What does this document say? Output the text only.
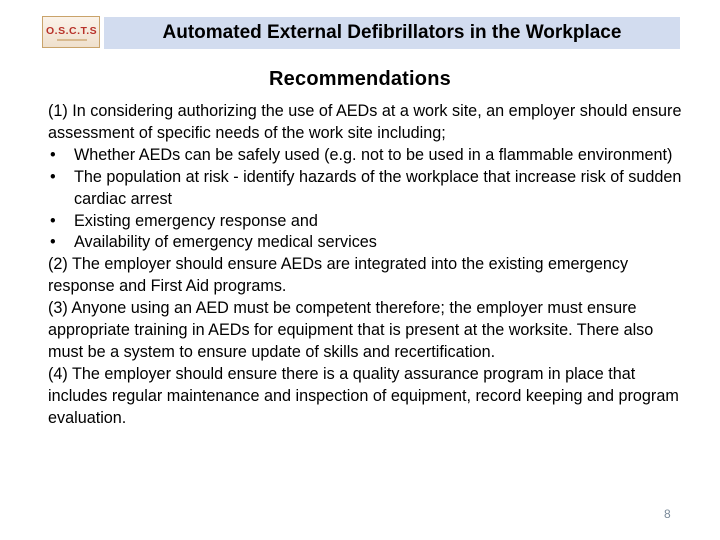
O.S.C.T.S	Automated External Defibrillators in the Workplace
Recommendations

(1) In considering authorizing the use of AEDs at a work site, an employer should ensure assessment of specific needs of the work site including;

•	Whether AEDs can be safely used (e.g. not to be used in a flammable environment)
•	The population at risk - identify hazards of the workplace that increase risk of sudden cardiac arrest
•	Existing emergency response and
•	Availability of emergency medical services

(2) The employer should ensure AEDs are integrated into the existing emergency response and First Aid programs.

(3) Anyone using an AED must be competent therefore; the employer must ensure appropriate training in AEDs for equipment that is present at the worksite. There also must be a system to ensure update of skills and recertification.

(4) The employer should ensure there is a quality assurance program in place that includes regular maintenance and inspection of equipment, record keeping and program evaluation.

8
